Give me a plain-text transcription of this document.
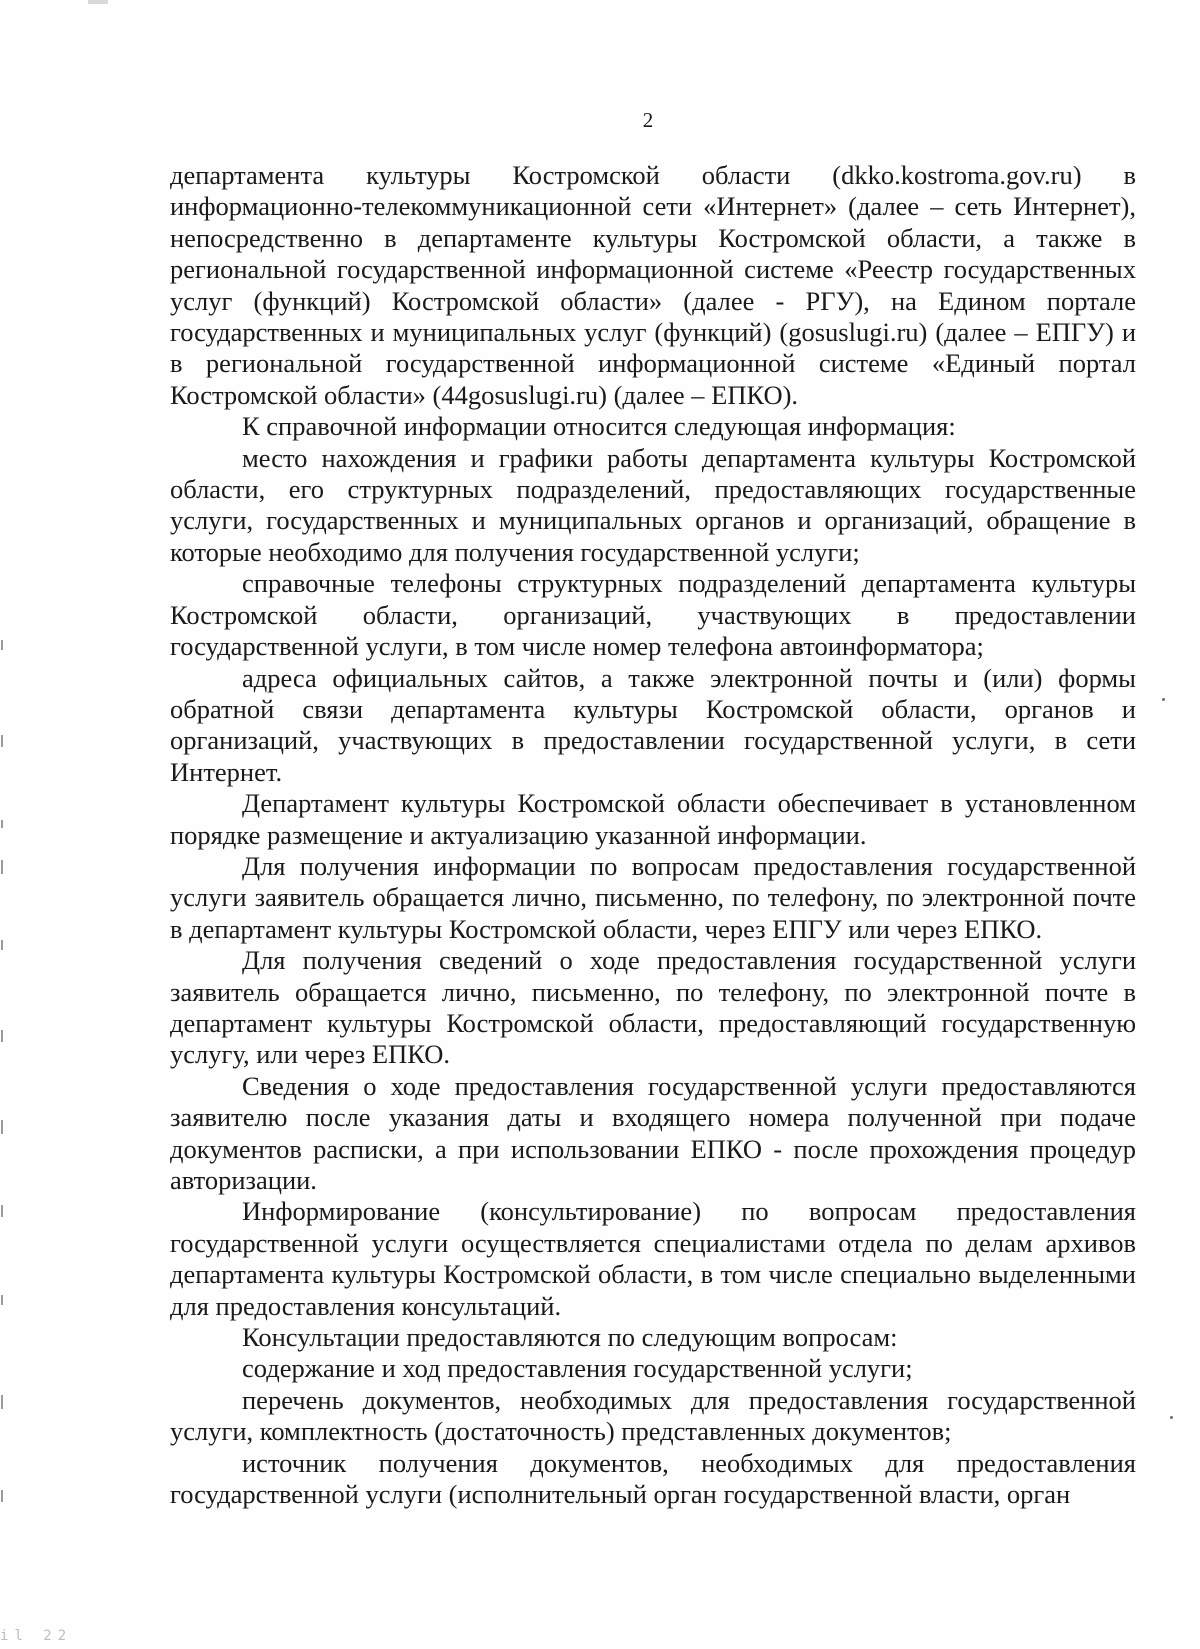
2

департамента культуры Костромской области (dkko.kostroma.gov.ru) в информационно-телекоммуникационной сети «Интернет» (далее – сеть Интернет), непосредственно в департаменте культуры Костромской области, а также в региональной государственной информационной системе «Реестр государственных услуг (функций) Костромской области» (далее - РГУ), на Едином портале государственных и муниципальных услуг (функций) (gosuslugi.ru) (далее – ЕПГУ) и в региональной государственной информационной системе «Единый портал Костромской области» (44gosuslugi.ru) (далее – ЕПКО).

К справочной информации относится следующая информация:

место нахождения и графики работы департамента культуры Костромской области, его структурных подразделений, предоставляющих государственные услуги, государственных и муниципальных органов и организаций, обращение в которые необходимо для получения государственной услуги;

справочные телефоны структурных подразделений департамента культуры Костромской области, организаций, участвующих в предоставлении государственной услуги, в том числе номер телефона автоинформатора;

адреса официальных сайтов, а также электронной почты и (или) формы обратной связи департамента культуры Костромской области, органов и организаций, участвующих в предоставлении государственной услуги, в сети Интернет.

Департамент культуры Костромской области обеспечивает в установленном порядке размещение и актуализацию указанной информации.

Для получения информации по вопросам предоставления государственной услуги заявитель обращается лично, письменно, по телефону, по электронной почте в департамент культуры Костромской области, через ЕПГУ или через ЕПКО.

Для получения сведений о ходе предоставления государственной услуги заявитель обращается лично, письменно, по телефону, по электронной почте в департамент культуры Костромской области, предоставляющий государственную услугу, или через ЕПКО.

Сведения о ходе предоставления государственной услуги предоставляются заявителю после указания даты и входящего номера полученной при подаче документов расписки, а при использовании ЕПКО - после прохождения процедур авторизации.

Информирование (консультирование) по вопросам предоставления государственной услуги осуществляется специалистами отдела по делам архивов департамента культуры Костромской области, в том числе специально выделенными для предоставления консультаций.

Консультации предоставляются по следующим вопросам:

содержание и ход предоставления государственной услуги;

перечень документов, необходимых для предоставления государственной услуги, комплектность (достаточность) представленных документов;

источник получения документов, необходимых для предоставления государственной услуги (исполнительный орган государственной власти, орган

il 22
